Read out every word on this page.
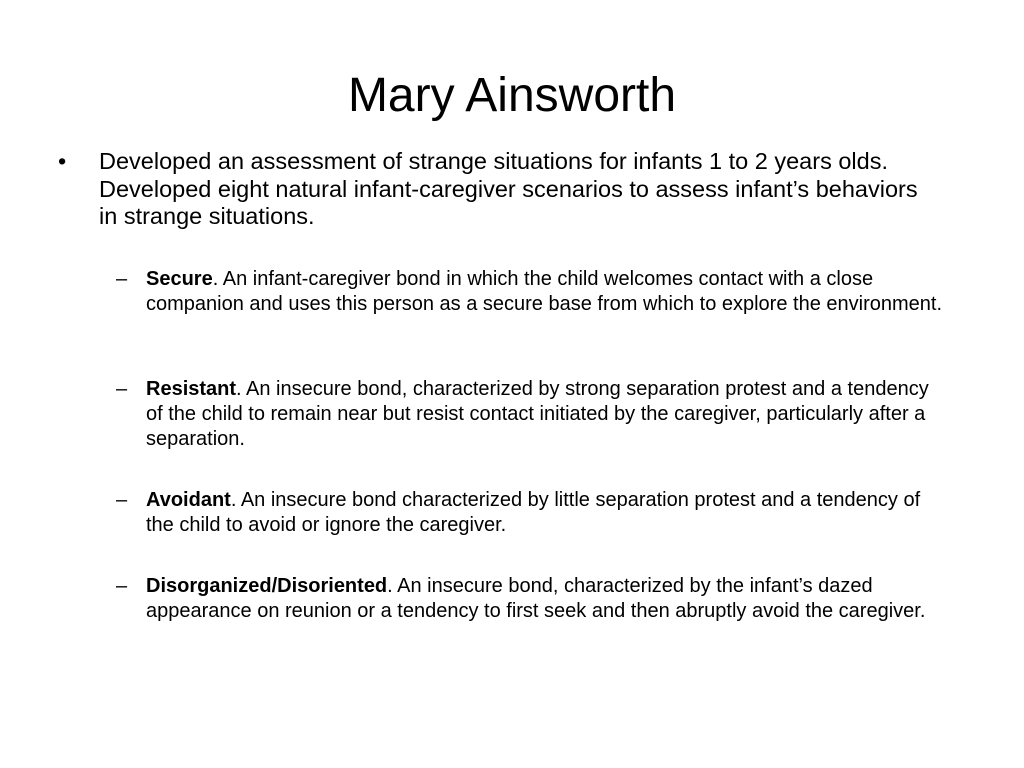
Mary Ainsworth
•	Developed an assessment of strange situations for infants 1 to 2 years olds. Developed eight natural infant-caregiver scenarios to assess infant’s behaviors in strange situations.
– Secure. An infant-caregiver bond in which the child welcomes contact with a close companion and uses this person as a secure base from which to explore the environment.
– Resistant. An insecure bond, characterized by strong separation protest and a tendency of the child to remain near but resist contact initiated by the caregiver, particularly after a separation.
– Avoidant. An insecure bond characterized by little separation protest and a tendency of the child to avoid or ignore the caregiver.
– Disorganized/Disoriented. An insecure bond, characterized by the infant’s dazed appearance on reunion or a tendency to first seek and then abruptly avoid the caregiver.
